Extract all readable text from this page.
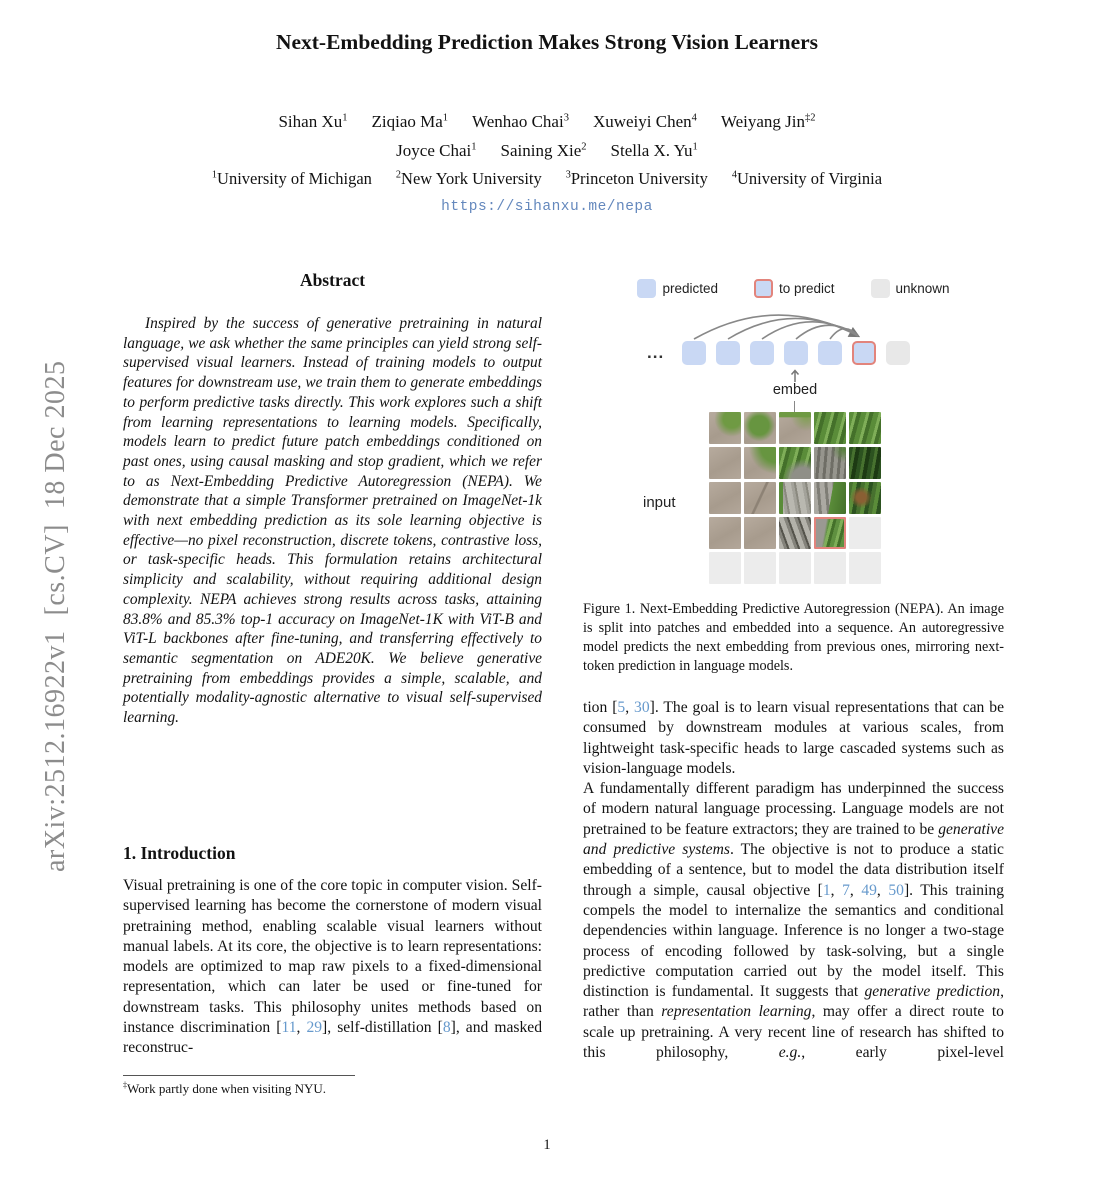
arXiv:2512.16922v1  [cs.CV]  18 Dec 2025
Next-Embedding Prediction Makes Strong Vision Learners
Sihan Xu$^1$ Ziqiao Ma$^1$ Wenhao Chai$^3$ Xuweiyi Chen$^4$ Weiyang Jin$^{\ddagger 2}$
Joyce Chai$^1$ Saining Xie$^2$ Stella X. Yu$^1$
$^1$University of Michigan $^2$New York University $^3$Princeton University $^4$University of Virginia
https://sihanxu.me/nepa
Abstract

Inspired by the success of generative pretraining in natural language, we ask whether the same principles can yield strong self-supervised visual learners. Instead of training models to output features for downstream use, we train them to generate embeddings to perform predictive tasks directly. This work explores such a shift from learning representations to learning models. Specifically, models learn to predict future patch embeddings conditioned on past ones, using causal masking and stop gradient, which we refer to as Next-Embedding Predictive Autoregression (NEPA). We demonstrate that a simple Transformer pretrained on ImageNet-1k with next embedding prediction as its sole learning objective is effective—no pixel reconstruction, discrete tokens, contrastive loss, or task-specific heads. This formulation retains architectural simplicity and scalability, without requiring additional design complexity. NEPA achieves strong results across tasks, attaining 83.8% and 85.3% top-1 accuracy on ImageNet-1K with ViT-B and ViT-L backbones after fine-tuning, and transferring effectively to semantic segmentation on ADE20K. We believe generative pretraining from embeddings provides a simple, scalable, and potentially modality-agnostic alternative to visual self-supervised learning.

1. Introduction

Visual pretraining is one of the core topic in computer vision. Self-supervised learning has become the cornerstone of modern visual pretraining method, enabling scalable visual learners without manual labels. At its core, the objective is to learn representations: models are optimized to map raw pixels to a fixed-dimensional representation, which can later be used or fine-tuned for downstream tasks. This philosophy unites methods based on instance discrimination [11, 29], self-distillation [8], and masked reconstruc-

predicted	to predict	unknown
...
embed
input

Figure 1. Next-Embedding Predictive Autoregression (NEPA). An image is split into patches and embedded into a sequence. An autoregressive model predicts the next embedding from previous ones, mirroring next-token prediction in language models.

tion [5, 30]. The goal is to learn visual representations that can be consumed by downstream modules at various scales, from lightweight task-specific heads to large cascaded systems such as vision-language models.

A fundamentally different paradigm has underpinned the success of modern natural language processing. Language models are not pretrained to be feature extractors; they are trained to be generative and predictive systems. The objective is not to produce a static embedding of a sentence, but to model the data distribution itself through a simple, causal objective [1, 7, 49, 50]. This training compels the model to internalize the semantics and conditional dependencies within language. Inference is no longer a two-stage process of encoding followed by task-solving, but a single predictive computation carried out by the model itself. This distinction is fundamental. It suggests that generative prediction, rather than representation learning, may offer a direct route to scale up pretraining. A very recent line of research has shifted to this philosophy, e.g., early pixel-level

‡Work partly done when visiting NYU.
1
